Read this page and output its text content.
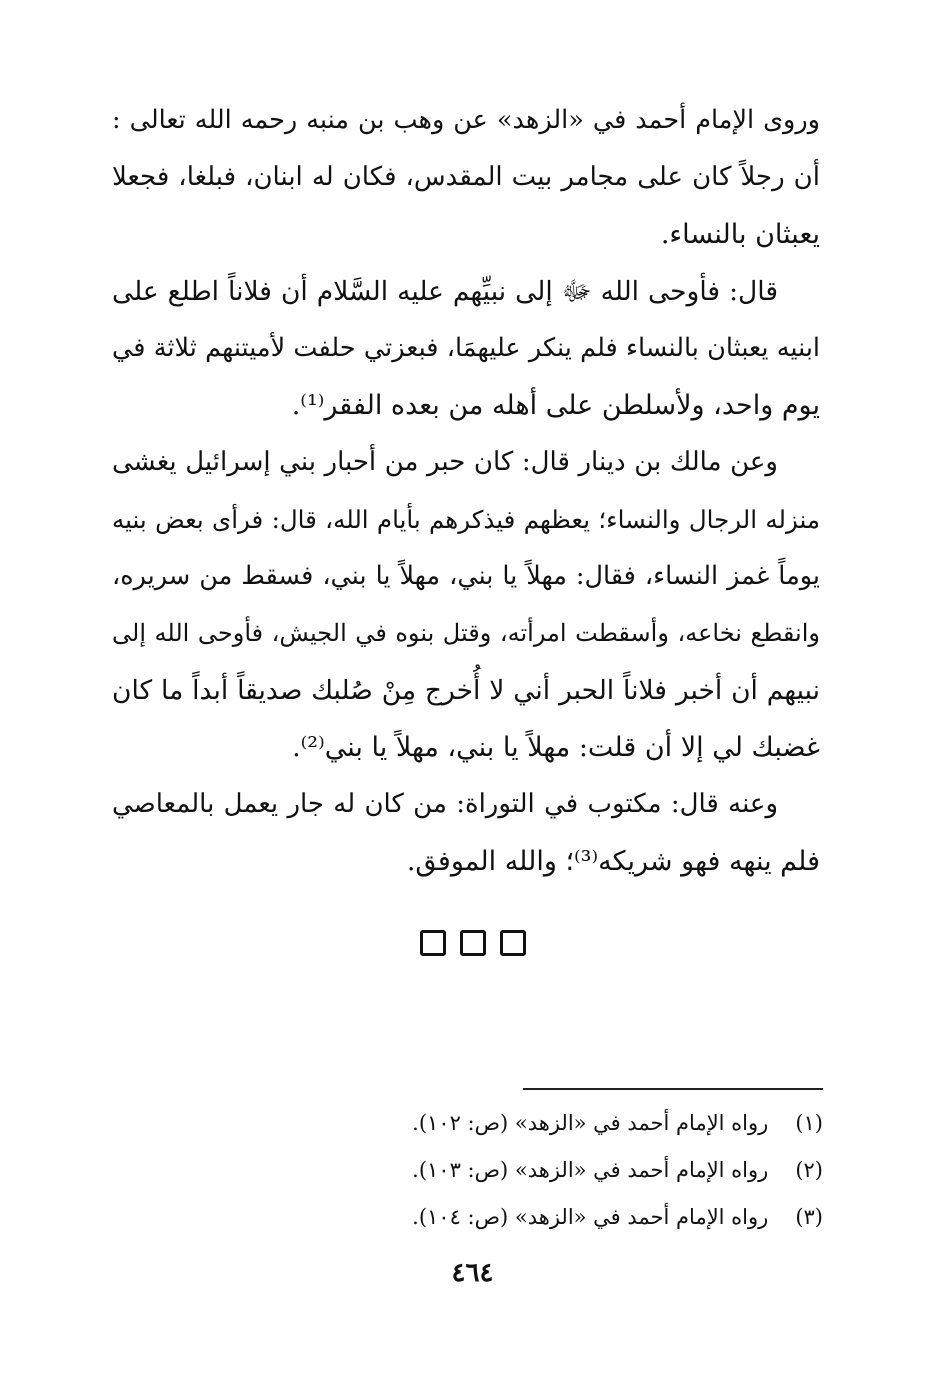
وروى الإمام أحمد في «الزهد» عن وهب بن منبه رحمه الله تعالى :
أن رجلاً كان على مجامر بيت المقدس، فكان له ابنان، فبلغا، فجعلا
يعبثان بالنساء.
قال: فأوحى الله ﷻ إلى نبيِّهم عليه السَّلام أن فلاناً اطلع على
ابنيه يعبثان بالنساء فلم ينكر عليهمَا، فبعزتي حلفت لأميتنهم ثلاثة في
يوم واحد، ولأسلطن على أهله من بعده الفقر⁽¹⁾.
وعن مالك بن دينار قال: كان حبر من أحبار بني إسرائيل يغشى
منزله الرجال والنساء؛ يعظهم فيذكرهم بأيام الله، قال: فرأى بعض بنيه
يوماً غمز النساء، فقال: مهلاً يا بني، مهلاً يا بني، فسقط من سريره،
وانقطع نخاعه، وأسقطت امرأته، وقتل بنوه في الجيش، فأوحى الله إلى
نبيهم أن أخبر فلاناً الحبر أني لا أُخرج مِنْ صُلبك صديقاً أبداً ما كان
غضبك لي إلا أن قلت: مهلاً يا بني، مهلاً يا بني⁽²⁾.
وعنه قال: مكتوب في التوراة: من كان له جار يعمل بالمعاصي
فلم ينهه فهو شريكه⁽³⁾؛ والله الموفق.

(١) رواه الإمام أحمد في «الزهد» (ص: ١٠٢).
(٢) رواه الإمام أحمد في «الزهد» (ص: ١٠٣).
(٣) رواه الإمام أحمد في «الزهد» (ص: ١٠٤).
٤٦٤
